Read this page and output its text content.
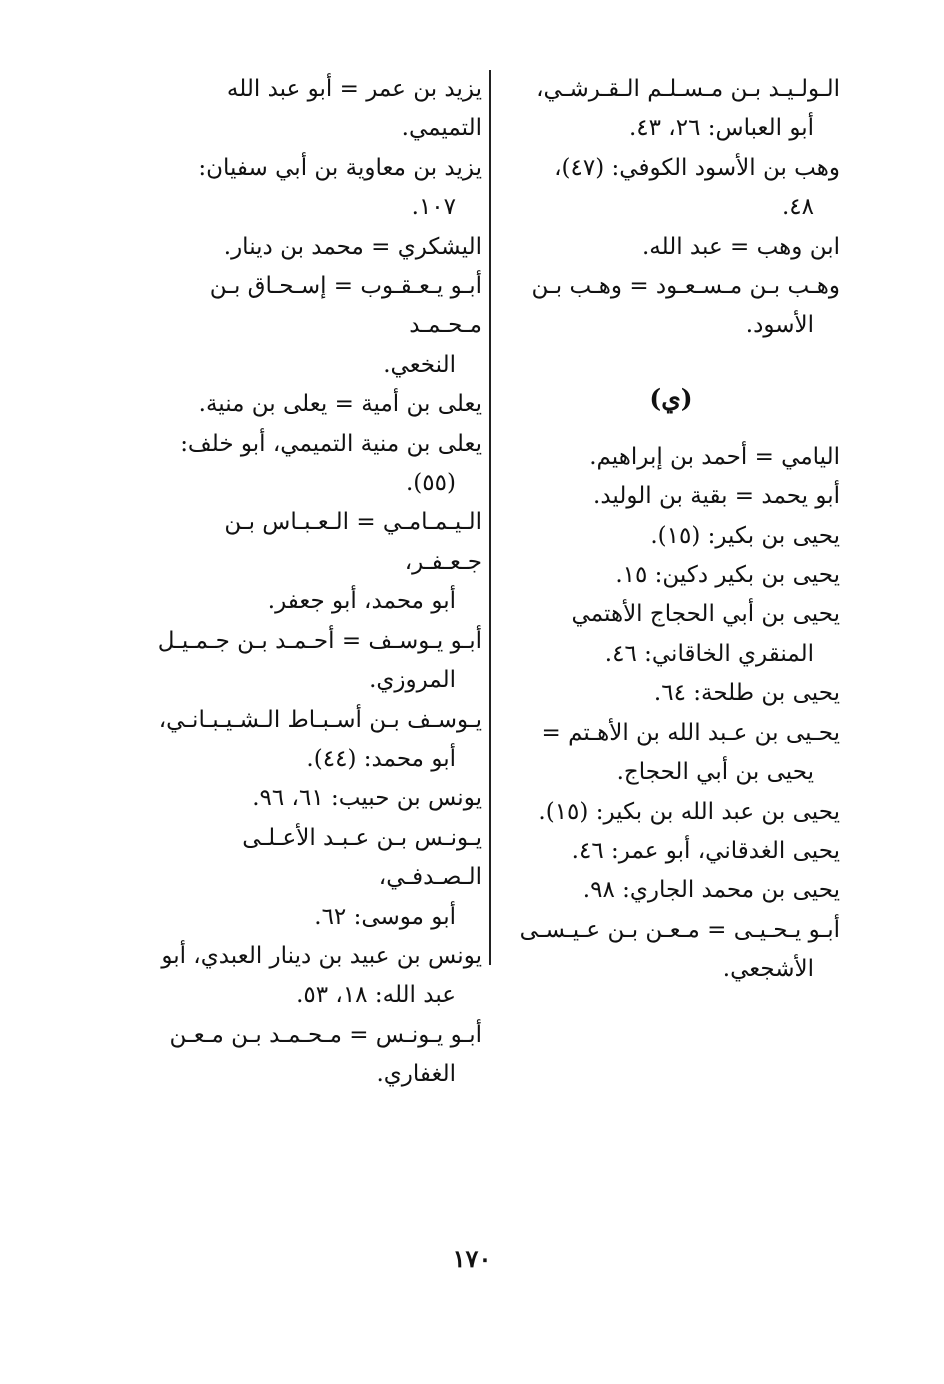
الـولـيـد بـن مـسـلـم الـقـرشـي،
أبو العباس: ٢٦، ٤٣.
وهب بن الأسود الكوفي: (٤٧)،
٤٨.
ابن وهب = عبد الله.
وهـب بـن مـسـعـود = وهـب بـن
الأسود.
(ي)
اليامي = أحمد بن إبراهيم.
أبو يحمد = بقية بن الوليد.
يحيى بن بكير: (١٥).
يحيى بن بكير دكين: ١٥.
يحيى بن أبي الحجاج الأهتمي
المنقري الخاقاني: ٤٦.
يحيى بن طلحة: ٦٤.
يحـيى بن عـبد الله بن الأهـتم =
يحيى بن أبي الحجاج.
يحيى بن عبد الله بن بكير: (١٥).
يحيى الغدقاني، أبو عمر: ٤٦.
يحيى بن محمد الجاري: ٩٨.
أبـو يـحـيـى = مـعـن بـن عـيـسـى
الأشجعي.
يزيد بن عمر = أبو عبد الله التميمي.
يزيد بن معاوية بن أبي سفيان:
١٠٧.
اليشكري = محمد بن دينار.
أبـو يـعـقـوب = إسـحـاق بـن مـحـمـد
النخعي.
يعلى بن أمية = يعلى بن منية.
يعلى بن منية التميمي، أبو خلف:
(٥٥).
الـيـمـامـي = الـعـبـاس بـن جـعـفـر،
أبو محمد، أبو جعفر.
أبـو يـوسـف = أحـمـد بـن جـمـيـل
المروزي.
يـوسـف بـن أسـبـاط الـشـيـبـانـي،
أبو محمد: (٤٤).
يونس بن حبيب: ٦١، ٩٦.
يـونـس بـن عـبـد الأعـلـى الـصـدفـي،
أبو موسى: ٦٢.
يونس بن عبيد بن دينار العبدي، أبو
عبد الله: ١٨، ٥٣.
أبـو يـونـس = مـحـمـد بـن مـعـن
الغفاري.
١٧٠
